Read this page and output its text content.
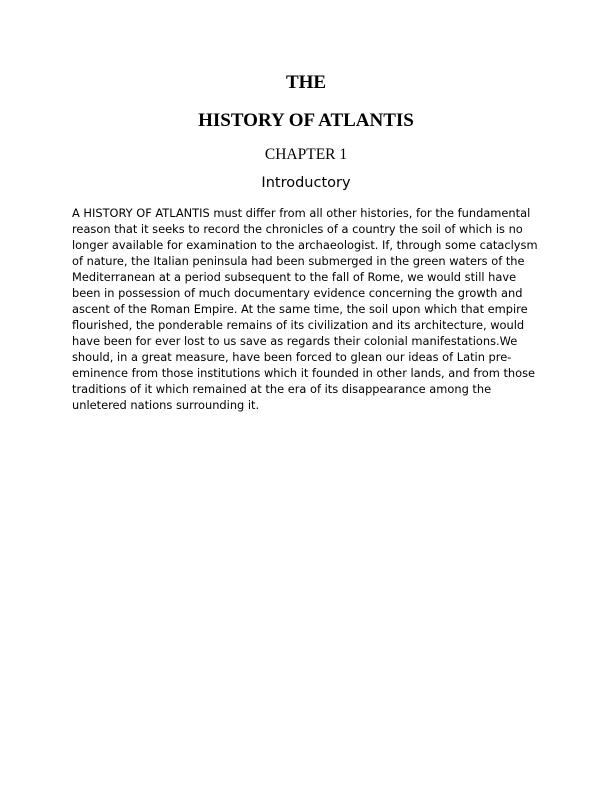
THE
HISTORY OF ATLANTIS
CHAPTER 1
Introductory

A HISTORY OF ATLANTIS must differ from all other histories, for the fundamental reason that it seeks to record the chronicles of a country the soil of which is no longer available for examination to the archaeologist. If, through some cataclysm of nature, the Italian peninsula had been submerged in the green waters of the Mediterranean at a period subsequent to the fall of Rome, we would still have been in possession of much documentary evidence concerning the growth and ascent of the Roman Empire. At the same time, the soil upon which that empire flourished, the ponderable remains of its civilization and its architecture, would have been for ever lost to us save as regards their colonial manifestations.We should, in a great measure, have been forced to glean our ideas of Latin pre-eminence from those institutions which it founded in other lands, and from those traditions of it which remained at the era of its disappearance among the unletered nations surrounding it.
